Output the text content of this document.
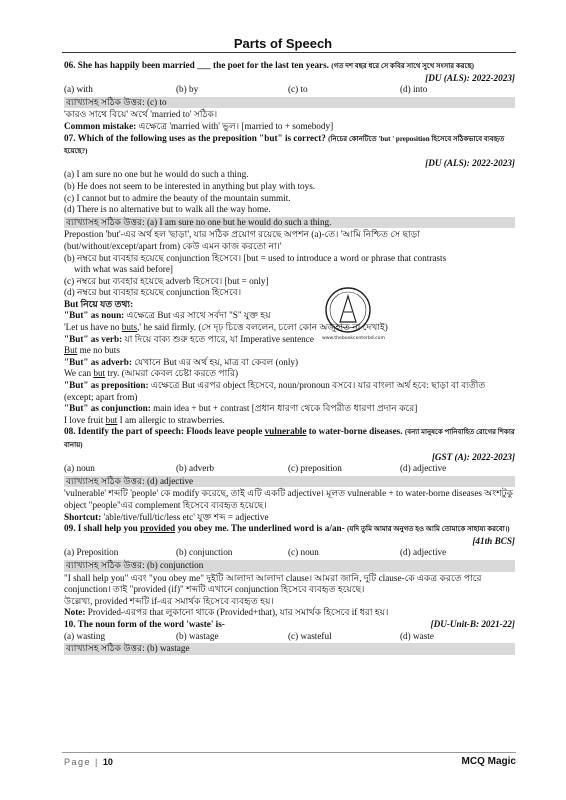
Parts of Speech
www.thebookcenterbd.com
06. She has happily been married ___ the poet for the last ten years. (গত দশ বছর ধরে সে কবির সাথে সুখে সংসার করছে)
[DU (ALS): 2022-2023]
(a) with	(b) by	(c) to	(d) into
ব্যাখ্যাসহ সঠিক উত্তর: (c) to
'কারও সাথে বিয়ে' অর্থে 'married to' সঠিক।
Common mistake: এক্ষেত্রে 'married with' ভুল। [married to + somebody]
07. Which of the following uses as the preposition "but" is correct? (নিচের কোনটিতে 'but ' preposition হিসেবে সঠিকভাবে ব্যবহৃত হয়েছে?)
[DU (ALS): 2022-2023]
(a) I am sure no one but he would do such a thing.
(b) He does not seem to be interested in anything but play with toys.
(c) I cannot but to admire the beauty of the mountain summit.
(d) There is no alternative but to walk all the way home.
ব্যাখ্যাসহ সঠিক উত্তর: (a) I am sure no one but he would do such a thing.
Prepostion 'but'-এর অর্থ হল 'ছাড়া', যার সঠিক প্রয়োগ রয়েছে অপশন (a)-তে। 'আমি নিশ্চিত সে ছাড়া (but/without/except/apart from) কেউ এমন কাজ করতো না।'
(b) নম্বরে but ব্যবহার হয়েছে conjunction হিসেবে। [but = used to introduce a word or phrase that contrasts
with what was said before]
(c) নম্বরে but ব্যবহার হয়েছে adverb হিসেবে। [but = only]
(d) নম্বরে but ব্যবহার হয়েছে conjunction হিসেবে।
But নিয়ে যত তথ্য:
"But" as noun: এক্ষেত্রে But এর সাথে সর্বদা "S" যুক্ত হয়
'Let us have no buts,' he said firmly. (সে দৃঢ় চিত্তে বললেন, চলো কোন অজুহাত না দেখাই)
"But" as verb: যা দিয়ে বাক্য শুরু হতে পারে, যা Imperative sentence
But me no buts
"But" as adverb: যেখানে But এর অর্থ হয়, মাত্র বা কেবল (only)
We can but try. (আমরা কেবল চেষ্টা করতে পারি)
"But" as preposition: এক্ষেত্রে But এরপর object হিসেবে, noun/pronoun বসবে। যার বাংলা অর্থ হবে: ছাড়া বা ব্যতীত (except; apart from)
"But" as conjunction: main idea + but + contrast [প্রধান ধারণা থেকে বিপরীত ধারণা প্রদান করে]
I love fruit but I am allergic to strawberries.
08. Identify the part of speech: Floods leave people vulnerable to water-borne diseases. (বন্যা মানুষকে পানিবাহিত রোগের শিকার বানায়)
[GST (A): 2022-2023]
(a) noun	(b) adverb	(c) preposition	(d) adjective
ব্যাখ্যাসহ সঠিক উত্তর: (d) adjective
'vulnerable' শব্দটি 'people' কে modify করেছে, তাই এটি একটি adjective। মূলত vulnerable + to water-borne diseases অংশটুকু object "people"এর complement হিসেবে ব্যবহৃত হয়েছে।
Shortcut: 'able/tive/full/tic/less etc' যুক্ত শব্দ = adjective
09. I shall help you provided you obey me. The underlined word is a/an- (যদি তুমি আমার অনুগত হও আমি তোমাকে সাহায্য করবো।)
[41th BCS]
(a) Preposition	(b) conjunction	(c) noun	(d) adjective
ব্যাখ্যাসহ সঠিক উত্তর: (b) conjunction
"I shall help you" এবং "you obey me" দুইটি আলাদা আলাদা clause। আমরা জানি, দুটি clause-কে একত্র করতে পারে conjunction। তাই "provided (if)" শব্দটি এখানে conjunction হিসেবে ব্যবহৃত হয়েছে।
উল্লেখ্য, provided শব্দটি if-এর সমার্থক হিসেবে ব্যবহৃত হয়।
Note: Provided-এরপর that লুকানো থাকে (Provided+that), যার সমার্থক হিসেবে if ধরা হয়।
10. The noun form of the word 'waste' is-	[DU-Unit-B: 2021-22]
(a) wasting	(b) wastage	(c) wasteful	(d) waste
ব্যাখ্যাসহ সঠিক উত্তর: (b) wastage
Page | 10	MCQ Magic
